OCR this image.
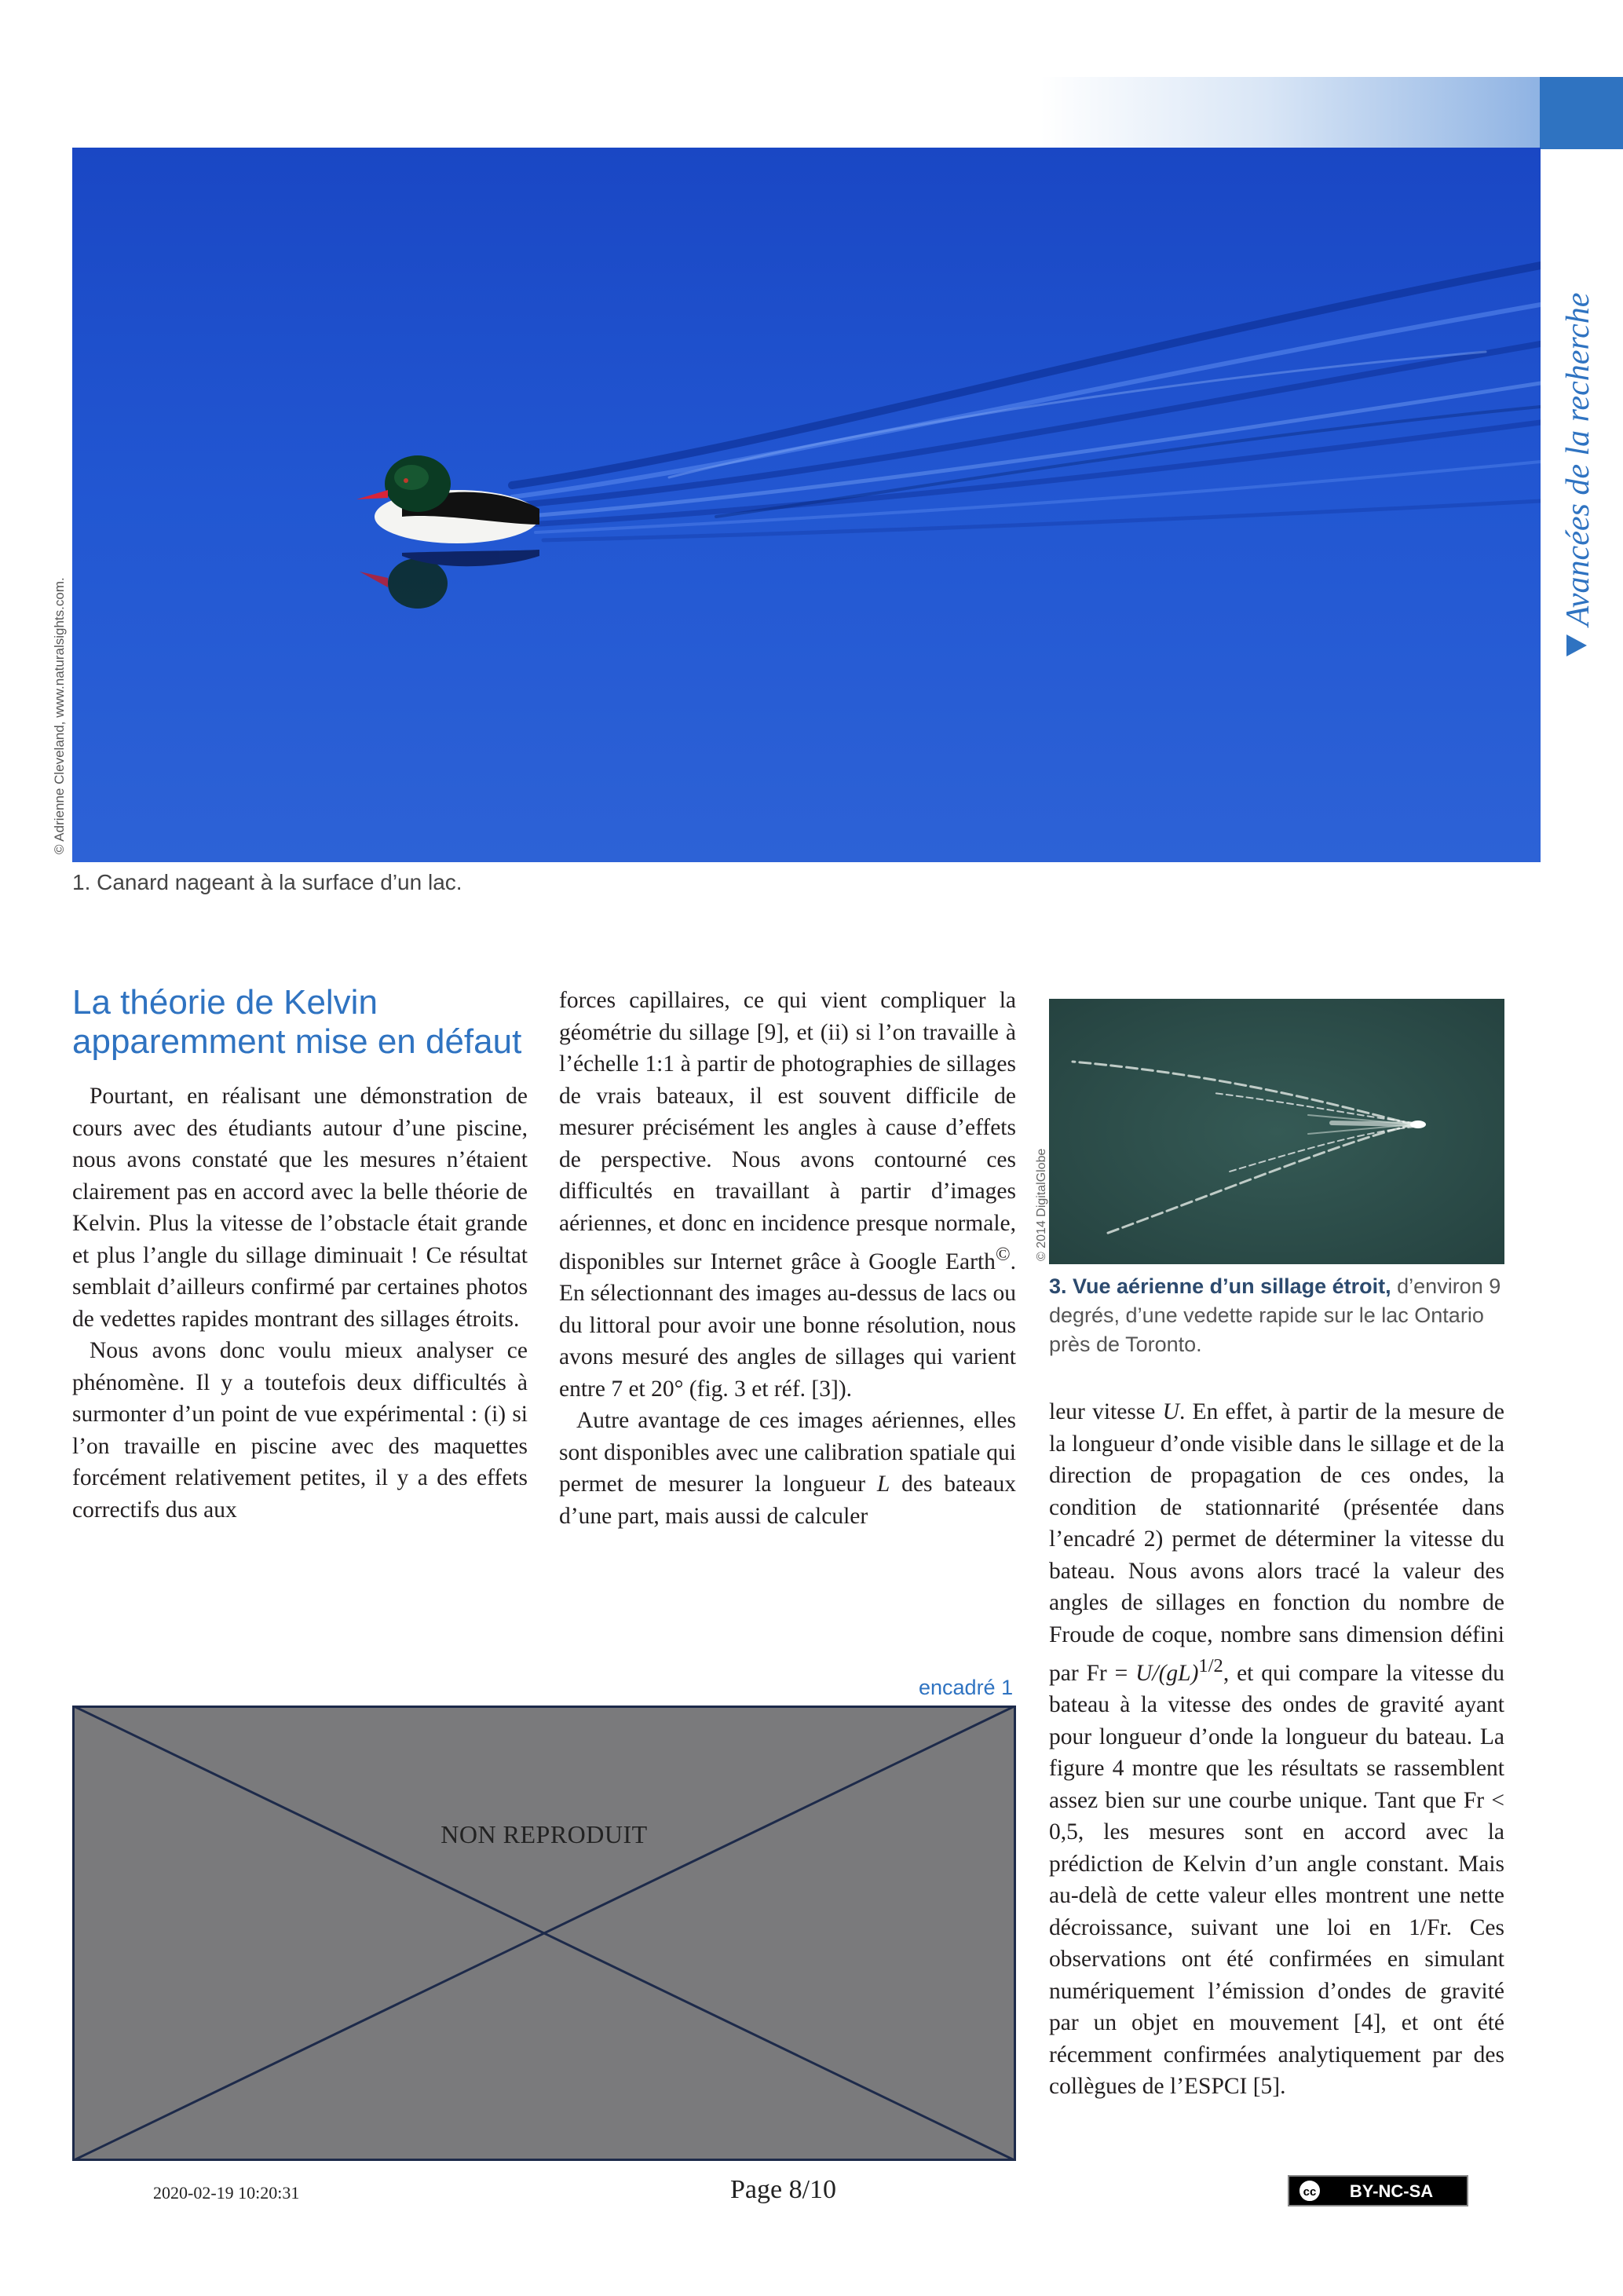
Avancées de la recherche
© Adrienne Cleveland, www.naturalsights.com.
1. Canard nageant à la surface d’un lac.
La théorie de Kelvin
apparemment mise en défaut

Pourtant, en réalisant une démonstration de cours avec des étudiants autour d’une piscine, nous avons constaté que les mesures n’étaient clairement pas en accord avec la belle théorie de Kelvin. Plus la vitesse de l’obstacle était grande et plus l’angle du sillage diminuait ! Ce résultat semblait d’ailleurs confirmé par certaines photos de vedettes rapides montrant des sillages étroits.

Nous avons donc voulu mieux analyser ce phénomène. Il y a toutefois deux difficultés à surmonter d’un point de vue expérimental : (i) si l’on travaille en piscine avec des maquettes forcément relativement petites, il y a des effets correctifs dus aux

forces capillaires, ce qui vient compliquer la géométrie du sillage [9], et (ii) si l’on travaille à l’échelle 1:1 à partir de photographies de sillages de vrais bateaux, il est souvent difficile de mesurer précisément les angles à cause d’effets de perspective. Nous avons contourné ces difficultés en travaillant à partir d’images aériennes, et donc en incidence presque normale, disponibles sur Internet grâce à Google Earth©. En sélectionnant des images au-dessus de lacs ou du littoral pour avoir une bonne résolution, nous avons mesuré des angles de sillages qui varient entre 7 et 20° (fig. 3 et réf. [3]).

Autre avantage de ces images aériennes, elles sont disponibles avec une calibration spatiale qui permet de mesurer la longueur L des bateaux d’une part, mais aussi de calculer

© 2014 DigitalGlobe
3. Vue aérienne d’un sillage étroit, d’environ 9 degrés, d’une vedette rapide sur le lac Ontario près de Toronto.

leur vitesse U. En effet, à partir de la mesure de la longueur d’onde visible dans le sillage et de la direction de propagation de ces ondes, la condition de stationnarité (présentée dans l’encadré 2) permet de déterminer la vitesse du bateau. Nous avons alors tracé la valeur des angles de sillages en fonction du nombre de Froude de coque, nombre sans dimension défini par Fr = U/(gL)$^{1/2}$, et qui compare la vitesse du bateau à la vitesse des ondes de gravité ayant pour longueur d’onde la longueur du bateau. La figure 4 montre que les résultats se rassemblent assez bien sur une courbe unique. Tant que Fr < 0,5, les mesures sont en accord avec la prédiction de Kelvin d’un angle constant. Mais au-delà de cette valeur elles montrent une nette décroissance, suivant une loi en 1/Fr. Ces observations ont été confirmées en simulant numériquement l’émission d’ondes de gravité par un objet en mouvement [4], et ont été récemment confirmées analytiquement par des collègues de l’ESPCI [5].

encadré 1
NON REPRODUIT
2020-02-19 10:20:31	Page 8/10	cc BY-NC-SA
